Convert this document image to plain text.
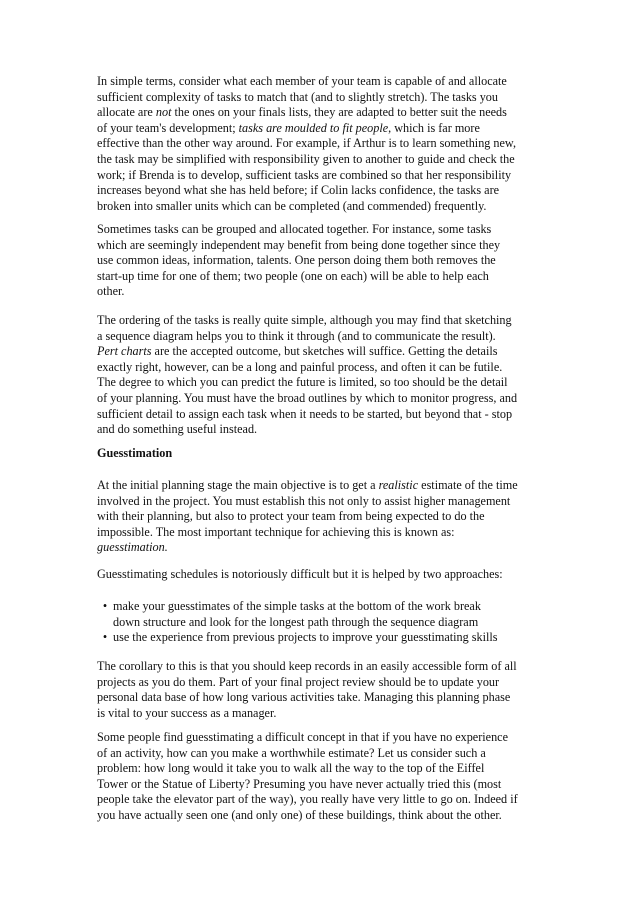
In simple terms, consider what each member of your team is capable of and allocate
sufficient complexity of tasks to match that (and to slightly stretch). The tasks you
allocate are not the ones on your finals lists, they are adapted to better suit the needs
of your team's development; tasks are moulded to fit people, which is far more
effective than the other way around. For example, if Arthur is to learn something new,
the task may be simplified with responsibility given to another to guide and check the
work; if Brenda is to develop, sufficient tasks are combined so that her responsibility
increases beyond what she has held before; if Colin lacks confidence, the tasks are
broken into smaller units which can be completed (and commended) frequently.
Sometimes tasks can be grouped and allocated together. For instance, some tasks
which are seemingly independent may benefit from being done together since they
use common ideas, information, talents. One person doing them both removes the
start-up time for one of them; two people (one on each) will be able to help each
other.
The ordering of the tasks is really quite simple, although you may find that sketching
a sequence diagram helps you to think it through (and to communicate the result).
Pert charts are the accepted outcome, but sketches will suffice. Getting the details
exactly right, however, can be a long and painful process, and often it can be futile.
The degree to which you can predict the future is limited, so too should be the detail
of your planning. You must have the broad outlines by which to monitor progress, and
sufficient detail to assign each task when it needs to be started, but beyond that - stop
and do something useful instead.
Guesstimation
At the initial planning stage the main objective is to get a realistic estimate of the time
involved in the project. You must establish this not only to assist higher management
with their planning, but also to protect your team from being expected to do the
impossible. The most important technique for achieving this is known as:
guesstimation.
Guesstimating schedules is notoriously difficult but it is helped by two approaches:
• make your guesstimates of the simple tasks at the bottom of the work break
down structure and look for the longest path through the sequence diagram
• use the experience from previous projects to improve your guesstimating skills
The corollary to this is that you should keep records in an easily accessible form of all
projects as you do them. Part of your final project review should be to update your
personal data base of how long various activities take. Managing this planning phase
is vital to your success as a manager.
Some people find guesstimating a difficult concept in that if you have no experience
of an activity, how can you make a worthwhile estimate? Let us consider such a
problem: how long would it take you to walk all the way to the top of the Eiffel
Tower or the Statue of Liberty? Presuming you have never actually tried this (most
people take the elevator part of the way), you really have very little to go on. Indeed if
you have actually seen one (and only one) of these buildings, think about the other.
